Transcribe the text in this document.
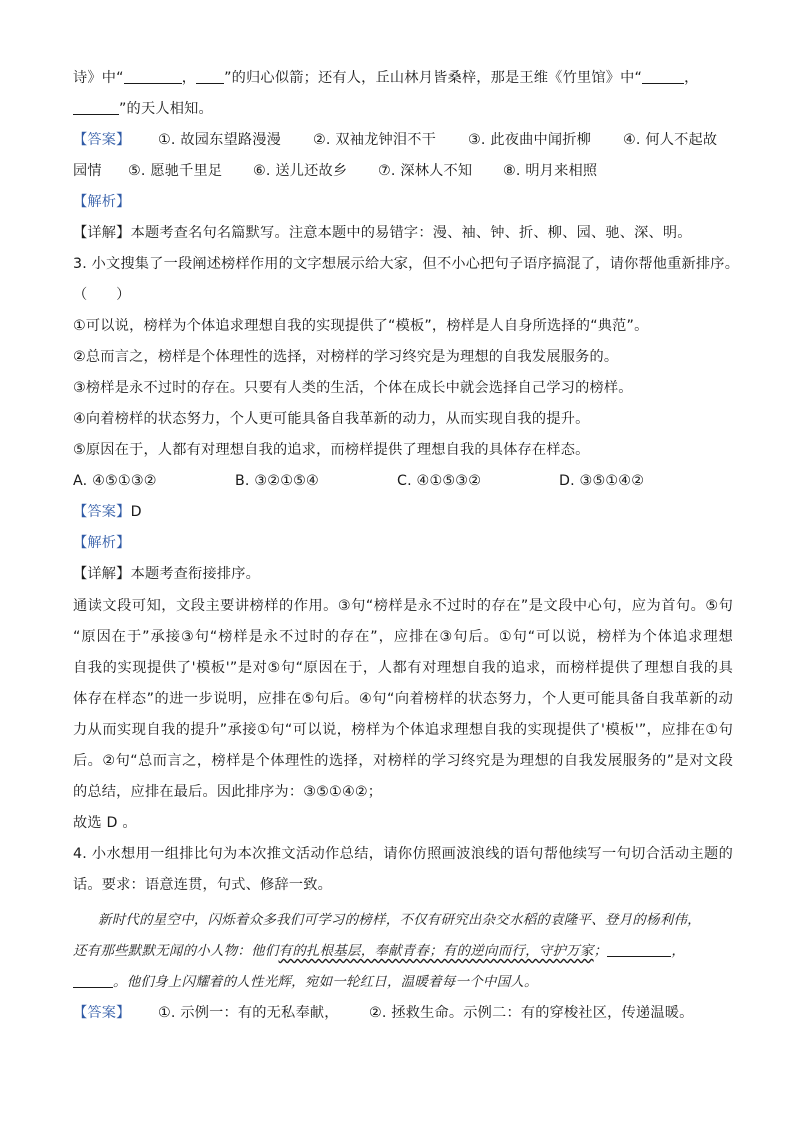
诗》中“	， ”的归心似箭；还有人，丘山林月皆桑梓，那是王维《竹里馆》中“	，
”的天人相知。
【答案】 ①. 故园东望路漫漫 ②. 双袖龙钟泪不干 ③. 此夜曲中闻折柳 ④. 何人不起故
园情 ⑤. 愿驰千里足 ⑥. 送儿还故乡 ⑦. 深林人不知 ⑧. 明月来相照
【解析】
【详解】本题考查名句名篇默写。注意本题中的易错字：漫、袖、钟、折、柳、园、驰、深、明。
3. 小文搜集了一段阐述榜样作用的文字想展示给大家，但不小心把句子语序搞混了，请你帮他重新排序。
（　　）
①可以说，榜样为个体追求理想自我的实现提供了“模板”，榜样是人自身所选择的“典范”。
②总而言之，榜样是个体理性的选择，对榜样的学习终究是为理想的自我发展服务的。
③榜样是永不过时的存在。只要有人类的生活，个体在成长中就会选择自己学习的榜样。
④向着榜样的状态努力，个人更可能具备自我革新的动力，从而实现自我的提升。
⑤原因在于，人都有对理想自我的追求，而榜样提供了理想自我的具体存在样态。
A. ④⑤①③②	B. ③②①⑤④	C. ④①⑤③②	D. ③⑤①④②
【答案】D
【解析】
【详解】本题考查衔接排序。
通读文段可知，文段主要讲榜样的作用。③句“榜样是永不过时的存在”是文段中心句，应为首句。⑤句
“原因在于”承接③句“榜样是永不过时的存在”，应排在③句后。①句“可以说，榜样为个体追求理想
自我的实现提供了'模板'”是对⑤句“原因在于，人都有对理想自我的追求，而榜样提供了理想自我的具
体存在样态”的进一步说明，应排在⑤句后。④句“向着榜样的状态努力，个人更可能具备自我革新的动
力从而实现自我的提升”承接①句“可以说，榜样为个体追求理想自我的实现提供了'模板'”，应排在①句
后。②句“总而言之，榜样是个体理性的选择，对榜样的学习终究是为理想的自我发展服务的”是对文段
的总结，应排在最后。因此排序为：③⑤①④②；
故选 D 。
4. 小水想用一组排比句为本次推文活动作总结，请你仿照画波浪线的语句帮他续写一句切合活动主题的
话。要求：语意连贯，句式、修辞一致。
新时代的星空中，闪烁着众多我们可学习的榜样，不仅有研究出杂交水稻的袁隆平、登月的杨利伟，
还有那些默默无闻的小人物：他们有的扎根基层，奉献青春；有的逆向而行，守护万家；	，
。他们身上闪耀着的人性光辉，宛如一轮红日，温暖着每一个中国人。
【答案】 ①. 示例一：有的无私奉献， ②. 拯救生命。示例二：有的穿梭社区，传递温暖。
